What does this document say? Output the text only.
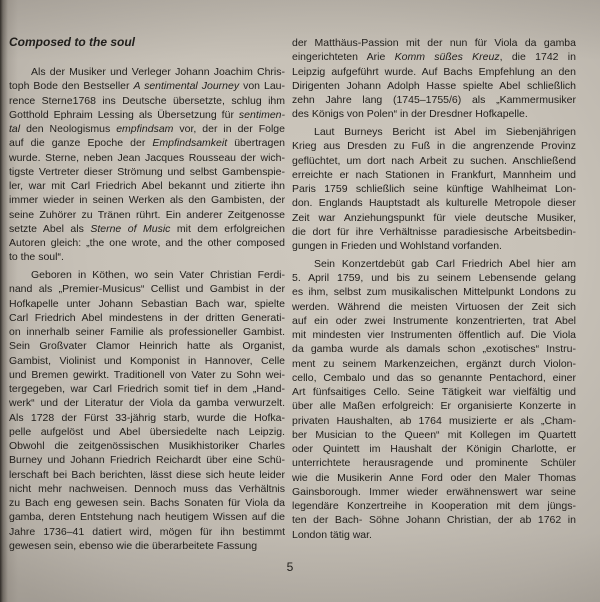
Composed to the soul
Als der Musiker und Verleger Johann Joachim Chris-
toph Bode den Bestseller A sentimental Journey von Lau-
rence Sterne1768 ins Deutsche übersetzte, schlug ihm
Gotthold Ephraim Lessing als Übersetzung für sentimen-
tal den Neologismus empfindsam vor, der in der Folge
auf die ganze Epoche der Empfindsamkeit übertragen
wurde. Sterne, neben Jean Jacques Rousseau der wich-
tigste Vertreter dieser Strömung und selbst Gambenspie-
ler, war mit Carl Friedrich Abel bekannt und zitierte ihn
immer wieder in seinen Werken als den Gambisten, der
seine Zuhörer zu Tränen rührt. Ein anderer Zeitgenosse
setzte Abel als Sterne of Music mit dem erfolgreichen
Autoren gleich: „the one wrote, and the other composed
to the soul“.
Geboren in Köthen, wo sein Vater Christian Ferdi-
nand als „Premier-Musicus“ Cellist und Gambist in der
Hofkapelle unter Johann Sebastian Bach war, spielte
Carl Friedrich Abel mindestens in der dritten Generati-
on innerhalb seiner Familie als professioneller Gambist.
Sein Großvater Clamor Heinrich hatte als Organist,
Gambist, Violinist und Komponist in Hannover, Celle
und Bremen gewirkt. Traditionell von Vater zu Sohn wei-
tergegeben, war Carl Friedrich somit tief in dem „Hand-
werk“ und der Literatur der Viola da gamba verwurzelt.
Als 1728 der Fürst 33-jährig starb, wurde die Hofka-
pelle aufgelöst und Abel übersiedelte nach Leipzig.
Obwohl die zeitgenössischen Musikhistoriker Charles
Burney und Johann Friedrich Reichardt über eine Schü-
lerschaft bei Bach berichten, lässt diese sich heute leider
nicht mehr nachweisen. Dennoch muss das Verhältnis
zu Bach eng gewesen sein. Bachs Sonaten für Viola da
gamba, deren Entstehung nach heutigem Wissen auf die
Jahre 1736–41 datiert wird, mögen für ihn bestimmt
gewesen sein, ebenso wie die überarbeitete Fassung
der Matthäus-Passion mit der nun für Viola da gamba
eingerichteten Arie Komm süßes Kreuz, die 1742 in
Leipzig aufgeführt wurde. Auf Bachs Empfehlung an den
Dirigenten Johann Adolph Hasse spielte Abel schließlich
zehn Jahre lang (1745–1755/6) als „Kammermusiker
des Königs von Polen“ in der Dresdner Hofkapelle.
Laut Burneys Bericht ist Abel im Siebenjährigen
Krieg aus Dresden zu Fuß in die angrenzende Provinz
geflüchtet, um dort nach Arbeit zu suchen. Anschließend
erreichte er nach Stationen in Frankfurt, Mannheim und
Paris 1759 schließlich seine künftige Wahlheimat Lon-
don. Englands Hauptstadt als kulturelle Metropole dieser
Zeit war Anziehungspunkt für viele deutsche Musiker,
die dort für ihre Verhältnisse paradiesische Arbeitsbedin-
gungen in Frieden und Wohlstand vorfanden.
Sein Konzertdebüt gab Carl Friedrich Abel hier am
5. April 1759, und bis zu seinem Lebensende gelang
es ihm, selbst zum musikalischen Mittelpunkt Londons zu
werden. Während die meisten Virtuosen der Zeit sich
auf ein oder zwei Instrumente konzentrierten, trat Abel
mit mindesten vier Instrumenten öffentlich auf. Die Viola
da gamba wurde als damals schon „exotisches“ Instru-
ment zu seinem Markenzeichen, ergänzt durch Violon-
cello, Cembalo und das so genannte Pentachord, einer
Art fünfsaitiges Cello. Seine Tätigkeit war vielfältig und
über alle Maßen erfolgreich: Er organisierte Konzerte in
privaten Haushalten, ab 1764 musizierte er als „Cham-
ber Musician to the Queen“ mit Kollegen im Quartett
oder Quintett im Haushalt der Königin Charlotte, er
unterrichtete herausragende und prominente Schüler
wie die Musikerin Anne Ford oder den Maler Thomas
Gainsborough. Immer wieder erwähnenswert war seine
legendäre Konzertreihe in Kooperation mit dem jüngs-
ten der Bach- Söhne Johann Christian, der ab 1762 in
London tätig war.
5
